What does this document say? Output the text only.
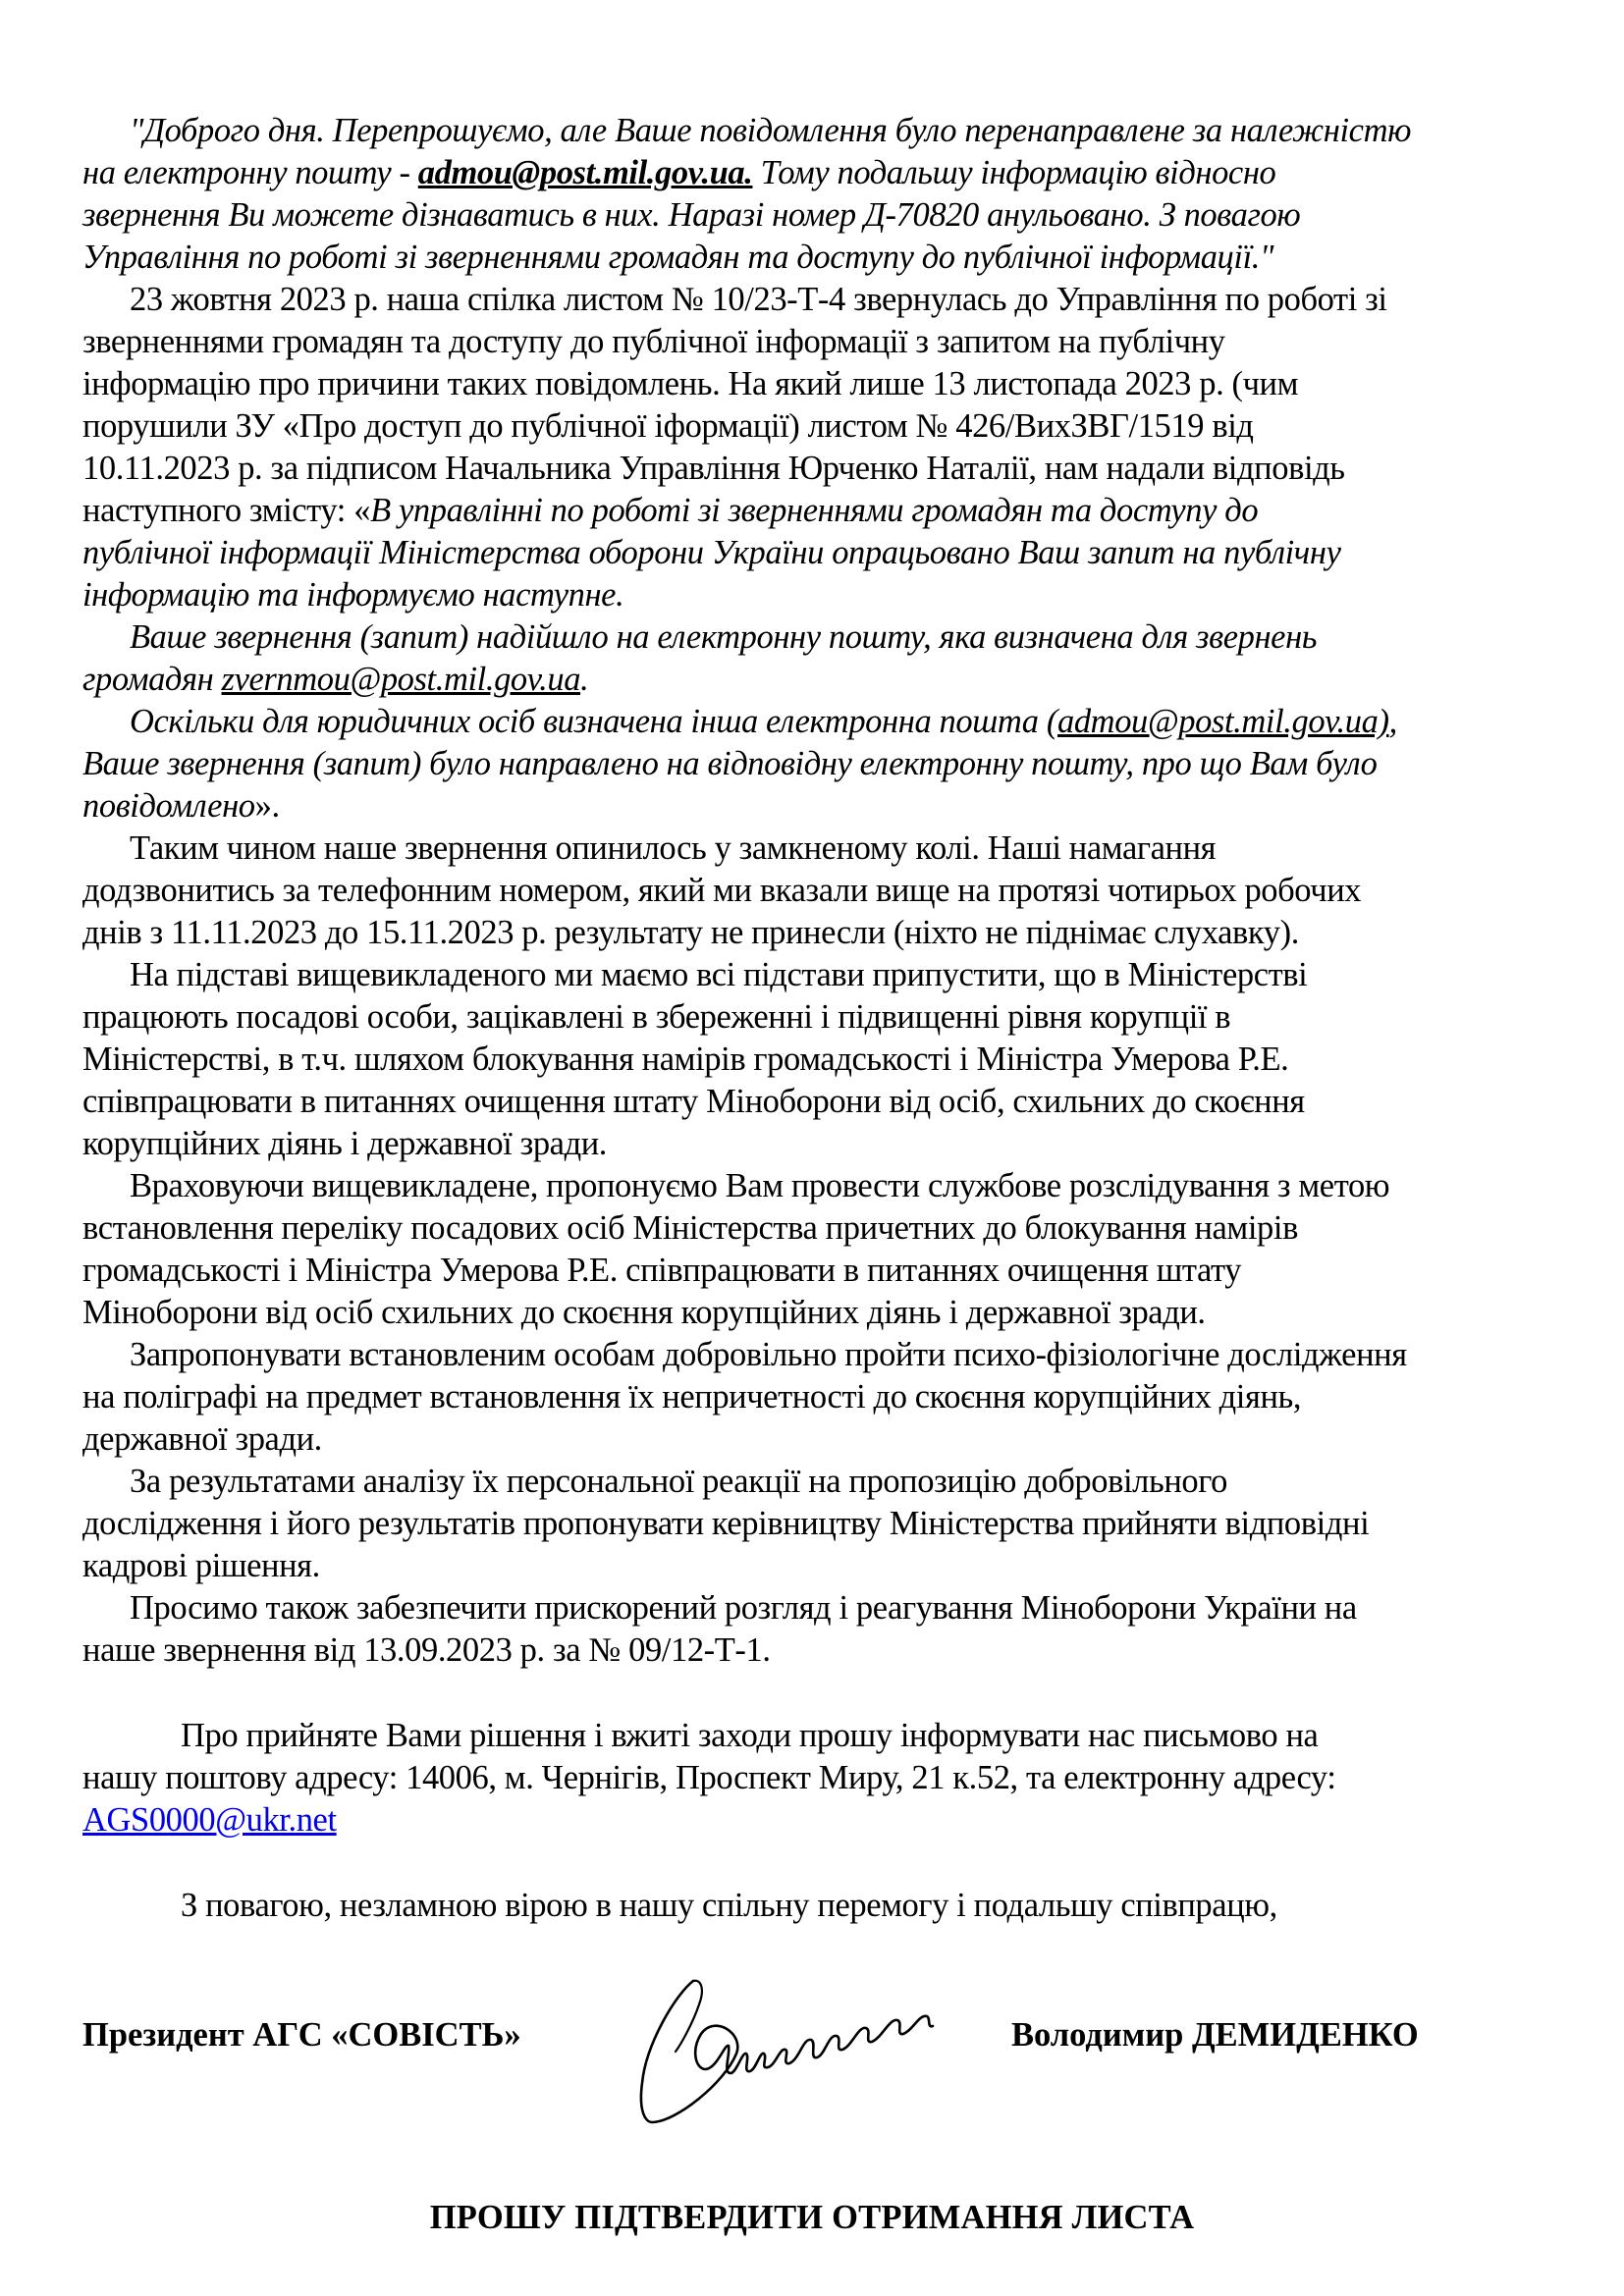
"Доброго дня. Перепрошуємо, але Ваше повідомлення було перенаправлене за належністю
на електронну пошту - admou@post.mil.gov.ua. Тому подальшу інформацію відносно
звернення Ви можете дізнаватись в них. Наразі номер Д-70820 анульовано. З повагою
Управління по роботі зі зверненнями громадян та доступу до публічної інформації."
23 жовтня 2023 р. наша спілка листом № 10/23-Т-4 звернулась до Управління по роботі зі
зверненнями громадян та доступу до публічної інформації з запитом на публічну
інформацію про причини таких повідомлень. На який лише 13 листопада 2023 р. (чим
порушили ЗУ «Про доступ до публічної іформації) листом № 426/ВихЗВГ/1519 від
10.11.2023 р. за підписом Начальника Управління Юрченко Наталії, нам надали відповідь
наступного змісту: «В управлінні по роботі зі зверненнями громадян та доступу до
публічної інформації Міністерства оборони України опрацьовано Ваш запит на публічну
інформацію та інформуємо наступне.
Ваше звернення (запит) надійшло на електронну пошту, яка визначена для звернень
громадян zvernmou@post.mil.gov.ua.
Оскільки для юридичних осіб визначена інша електронна пошта (admou@post.mil.gov.ua),
Ваше звернення (запит) було направлено на відповідну електронну пошту, про що Вам було
повідомлено».
Таким чином наше звернення опинилось у замкненому колі. Наші намагання
додзвонитись за телефонним номером, який ми вказали вище на протязі чотирьох робочих
днів з 11.11.2023 до 15.11.2023 р. результату не принесли (ніхто не піднімає слухавку).
На підставі вищевикладеного ми маємо всі підстави припустити, що в Міністерстві
працюють посадові особи, зацікавлені в збереженні і підвищенні рівня корупції в
Міністерстві, в т.ч. шляхом блокування намірів громадськості і Міністра Умерова Р.Е.
співпрацювати в питаннях очищення штату Міноборони від осіб, схильних до скоєння
корупційних діянь і державної зради.
Враховуючи вищевикладене, пропонуємо Вам провести службове розслідування з метою
встановлення переліку посадових осіб Міністерства причетних до блокування намірів
громадськості і Міністра Умерова Р.Е. співпрацювати в питаннях очищення штату
Міноборони від осіб схильних до скоєння корупційних діянь і державної зради.
Запропонувати встановленим особам добровільно пройти психо-фізіологічне дослідження
на поліграфі на предмет встановлення їх непричетності до скоєння корупційних діянь,
державної зради.
За результатами аналізу їх персональної реакції на пропозицію добровільного
дослідження і його результатів пропонувати керівництву Міністерства прийняти відповідні
кадрові рішення.
Просимо також забезпечити прискорений розгляд і реагування Міноборони України на
наше звернення від 13.09.2023 р. за № 09/12-Т-1.
Про прийняте Вами рішення і вжиті заходи прошу інформувати нас письмово на
нашу поштову адресу: 14006, м. Чернігів, Проспект Миру, 21 к.52, та електронну адресу:
AGS0000@ukr.net
З повагою, незламною вірою в нашу спільну перемогу і подальшу співпрацю,
Президент АГС «СОВІСТЬ»	Володимир ДЕМИДЕНКО
ПРОШУ ПІДТВЕРДИТИ ОТРИМАННЯ ЛИСТА
